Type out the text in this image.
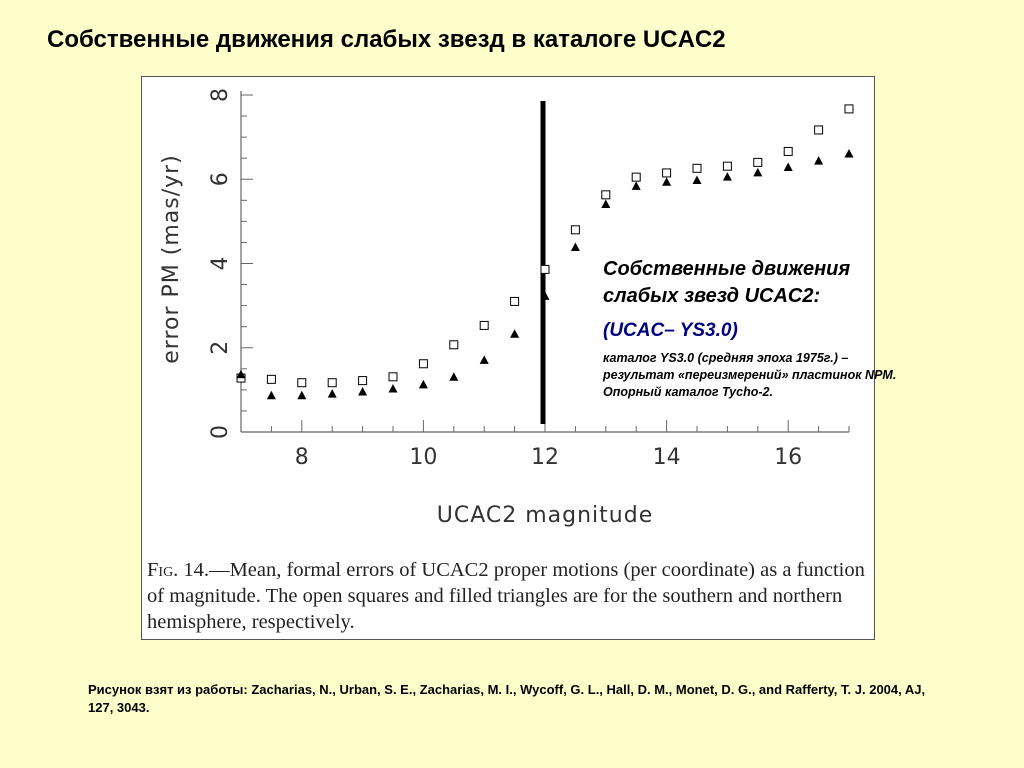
Собственные движения слабых звезд в каталоге UCAC2
8	10	12	14	16
0
2
4
6
8
error PM (mas/yr)
UCAC2 magnitude
Fig. 14.—Mean, formal errors of UCAC2 proper motions (per coordinate) as a function of magnitude. The open squares and filled triangles are for the southern and northern hemisphere, respectively.
Собственные движения слабых звезд UCAC2:
(UCAC– YS3.0)
каталог YS3.0 (средняя эпоха 1975г.) – результат «переизмерений» пластинок NPM. Опорный каталог Tycho-2.
Рисунок взят из работы: Zacharias, N., Urban, S. E., Zacharias, M. I., Wycoff, G. L., Hall, D. M., Monet, D. G., and Rafferty, T. J. 2004, AJ, 127, 3043.
